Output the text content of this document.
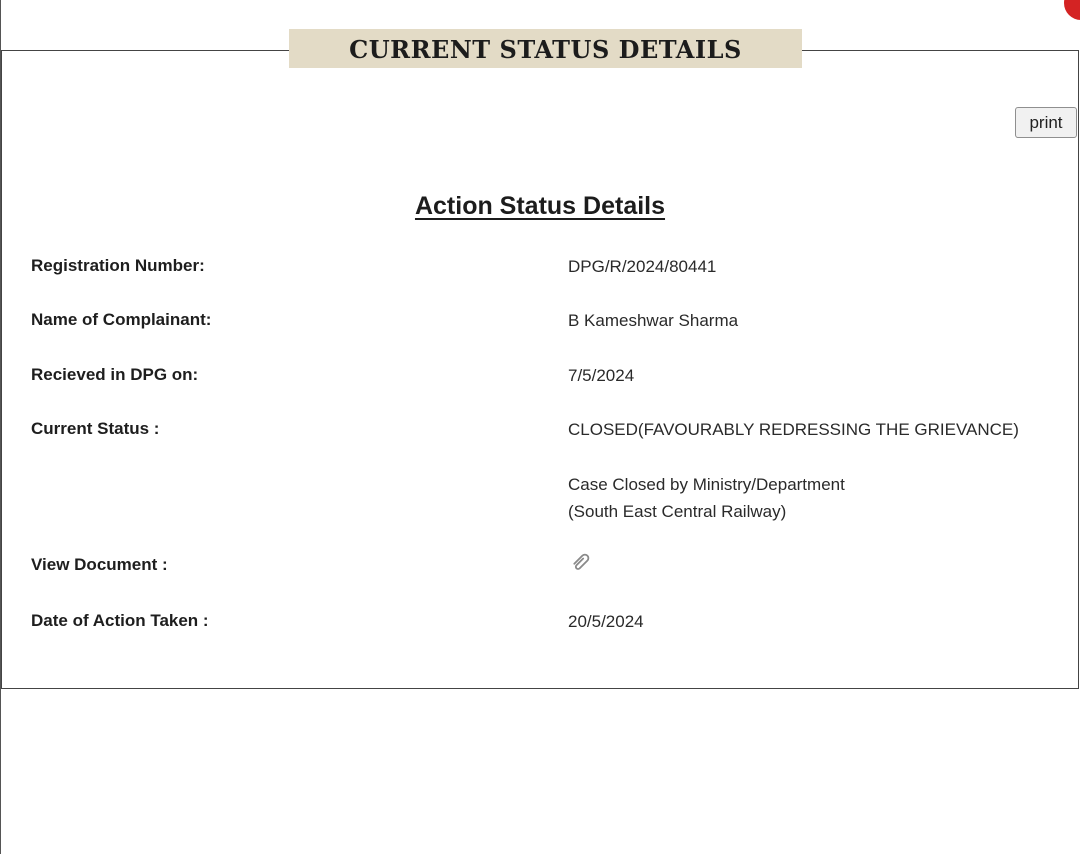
CURRENT STATUS DETAILS
print
Action Status Details
Registration Number:	DPG/R/2024/80441
Name of Complainant:	B Kameshwar Sharma
Recieved in DPG on:	7/5/2024
Current Status :	CLOSED(FAVOURABLY REDRESSING THE GRIEVANCE)
Case Closed by Ministry/Department
(South East Central Railway)
View Document :
Date of Action Taken :	20/5/2024
